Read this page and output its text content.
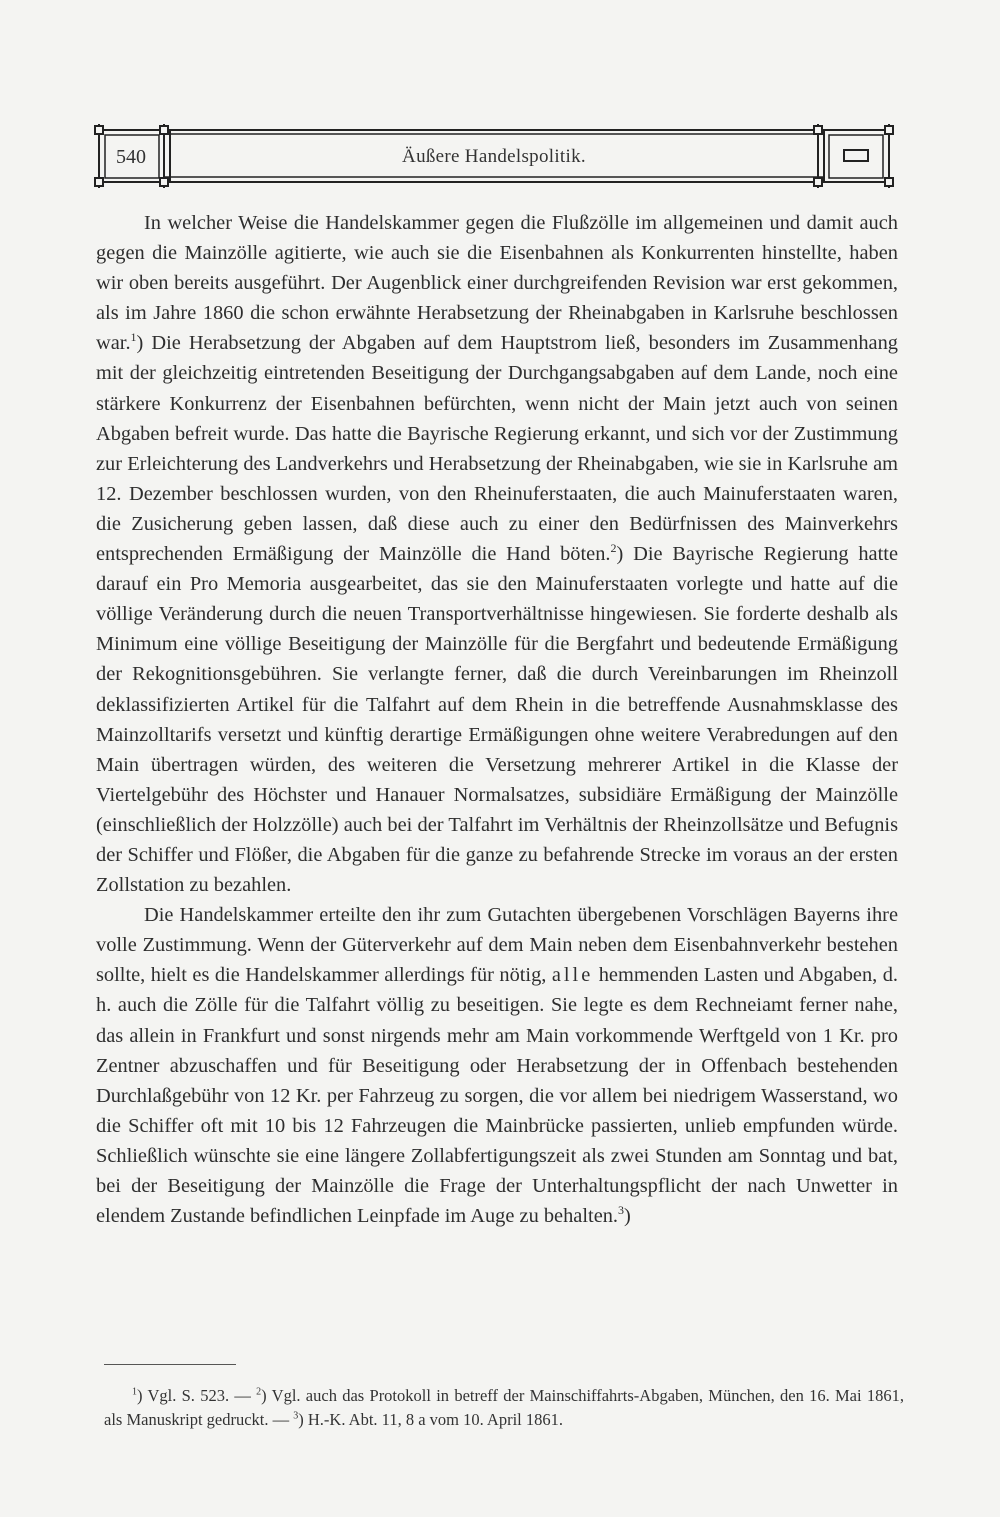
540	Äußere Handelspolitik.

In welcher Weise die Handelskammer gegen die Flußzölle im allgemeinen und damit auch gegen die Mainzölle agitierte, wie auch sie die Eisenbahnen als Konkurrenten hinstellte, haben wir oben bereits ausgeführt. Der Augenblick einer durchgreifenden Revision war erst gekommen, als im Jahre 1860 die schon erwähnte Herabsetzung der Rheinabgaben in Karlsruhe beschlossen war.$^1$) Die Herabsetzung der Abgaben auf dem Hauptstrom ließ, besonders im Zusammenhang mit der gleichzeitig eintretenden Beseitigung der Durchgangsabgaben auf dem Lande, noch eine stärkere Konkurrenz der Eisenbahnen befürchten, wenn nicht der Main jetzt auch von seinen Abgaben befreit wurde. Das hatte die Bayrische Regierung erkannt, und sich vor der Zustimmung zur Erleichterung des Landverkehrs und Herabsetzung der Rheinabgaben, wie sie in Karlsruhe am 12. Dezember beschlossen wurden, von den Rheinuferstaaten, die auch Mainuferstaaten waren, die Zusicherung geben lassen, daß diese auch zu einer den Bedürfnissen des Mainverkehrs entsprechenden Ermäßigung der Mainzölle die Hand böten.$^2$) Die Bayrische Regierung hatte darauf ein Pro Memoria ausgearbeitet, das sie den Mainuferstaaten vorlegte und hatte auf die völlige Veränderung durch die neuen Transportverhältnisse hingewiesen. Sie forderte deshalb als Minimum eine völlige Beseitigung der Mainzölle für die Bergfahrt und bedeutende Ermäßigung der Rekognitionsgebühren. Sie verlangte ferner, daß die durch Vereinbarungen im Rheinzoll deklassifizierten Artikel für die Talfahrt auf dem Rhein in die betreffende Ausnahmsklasse des Mainzolltarifs versetzt und künftig derartige Ermäßigungen ohne weitere Verabredungen auf den Main übertragen würden, des weiteren die Versetzung mehrerer Artikel in die Klasse der Viertelgebühr des Höchster und Hanauer Normalsatzes, subsidiäre Ermäßigung der Mainzölle (einschließlich der Holzzölle) auch bei der Talfahrt im Verhältnis der Rheinzollsätze und Befugnis der Schiffer und Flößer, die Abgaben für die ganze zu befahrende Strecke im voraus an der ersten Zollstation zu bezahlen.

Die Handelskammer erteilte den ihr zum Gutachten übergebenen Vorschlägen Bayerns ihre volle Zustimmung. Wenn der Güterverkehr auf dem Main neben dem Eisenbahnverkehr bestehen sollte, hielt es die Handelskammer allerdings für nötig, alle hemmenden Lasten und Abgaben, d. h. auch die Zölle für die Talfahrt völlig zu beseitigen. Sie legte es dem Rechneiamt ferner nahe, das allein in Frankfurt und sonst nirgends mehr am Main vorkommende Werftgeld von 1 Kr. pro Zentner abzuschaffen und für Beseitigung oder Herabsetzung der in Offenbach bestehenden Durchlaßgebühr von 12 Kr. per Fahrzeug zu sorgen, die vor allem bei niedrigem Wasserstand, wo die Schiffer oft mit 10 bis 12 Fahrzeugen die Mainbrücke passierten, unlieb empfunden würde. Schließlich wünschte sie eine längere Zollabfertigungszeit als zwei Stunden am Sonntag und bat, bei der Beseitigung der Mainzölle die Frage der Unterhaltungspflicht der nach Unwetter in elendem Zustande befindlichen Leinpfade im Auge zu behalten.$^3$)

$^1$) Vgl. S. 523. — $^2$) Vgl. auch das Protokoll in betreff der Mainschiffahrts-Abgaben, München, den 16. Mai 1861, als Manuskript gedruckt. — $^3$) H.-K. Abt. 11, 8 a vom 10. April 1861.
